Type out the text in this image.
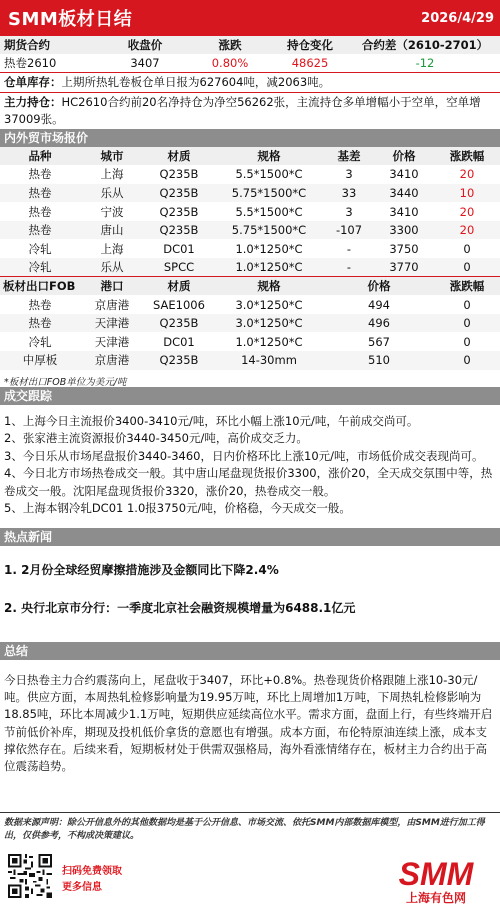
SMM板材日结	2026/4/29
期货合约	收盘价	涨跌	持仓变化	合约差（2610-2701）
热卷2610	3407	0.80%	48625	-12
仓单库存：上期所热轧卷板仓单日报为627604吨，减2063吨。
主力持仓：HC2610合约前20名净持仓为净空56262张，主流持仓多单增幅小于空单，空单增37009张。
内外贸市场报价
品种	城市	材质	规格	基差	价格	涨跌幅
热卷	上海	Q235B	5.5*1500*C	3	3410	20
热卷	乐从	Q235B	5.75*1500*C	33	3440	10
热卷	宁波	Q235B	5.5*1500*C	3	3410	20
热卷	唐山	Q235B	5.75*1500*C	-107	3300	20
冷轧	上海	DC01	1.0*1250*C	-	3750	0
冷轧	乐从	SPCC	1.0*1250*C	-	3770	0
板材出口FOB	港口	材质	规格	价格		涨跌幅
热卷	京唐港	SAE1006	3.0*1250*C	494		0
热卷	天津港	Q235B	3.0*1250*C	496		0
冷轧	天津港	DC01	1.0*1250*C	567		0
中厚板	京唐港	Q235B	14-30mm	510		0
*板材出口FOB单位为美元/吨
成交跟踪
1、上海今日主流报价3400-3410元/吨，环比小幅上涨10元/吨，午前成交尚可。
2、张家港主流资源报价3440-3450元/吨，高价成交乏力。
3、今日乐从市场尾盘报价3440-3460，日内价格环比上涨10元/吨，市场低价成交表现尚可。
4、今日北方市场热卷成交一般。其中唐山尾盘现货报价3300，涨价20，全天成交氛围中等，热卷成交一般。沈阳尾盘现货报价3320，涨价20，热卷成交一般。
5、上海本钢冷轧DC01 1.0报3750元/吨，价格稳，今天成交一般。
热点新闻
1. 2月份全球经贸摩擦措施涉及金额同比下降2.4%
2. 央行北京市分行：一季度北京社会融资规模增量为6488.1亿元
总结
今日热卷主力合约震荡向上，尾盘收于3407，环比+0.8%。热卷现货价格跟随上涨10-30元/吨。供应方面，本周热轧检修影响量为19.95万吨，环比上周增加1万吨，下周热轧检修影响为18.85吨，环比本周减少1.1万吨，短期供应延续高位水平。需求方面，盘面上行，有些终端开启节前低价补库，期现及投机低价拿货的意愿也有增强。成本方面，布伦特原油连续上涨，成本支撑依然存在。后续来看，短期板材处于供需双强格局，海外看涨情绪存在，板材主力合约出于高位震荡趋势。
数据来源声明：除公开信息外的其他数据均是基于公开信息、市场交流、依托SMM内部数据库模型，由SMM进行加工得出，仅供参考，不构成决策建议。
扫码免费领取
更多信息	SMM
上海有色网
